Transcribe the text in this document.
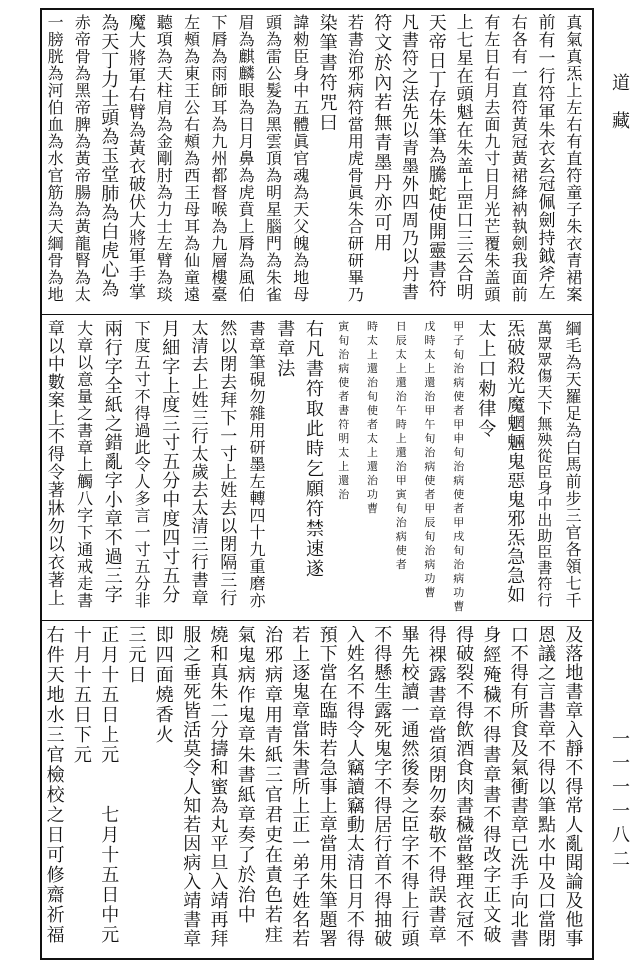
道
藏
一
一
一
一
八
二
真
氣
真
炁
上
左
右
有
直
符
童
子
朱
衣
青
裙
案
前
有
一
行
符
軍
朱
衣
玄
冠
佩
劍
持
鉞
斧
左
右
各
有
一
直
符
黃
冠
黃
裙
絳
衲
執
劍
我
面
前
有
左
日
右
月
去
面
九
寸
日
月
光
芒
覆
朱
盖
頭
上
七
星
在
頭
魁
在
朱
盖
上
罡
口
三
云
合
明
天
帝
日
丁
存
朱
筆
為
騰
蛇
使
開
靈
書
符
凡
書
符
之
法
先
以
青
墨
外
四
周
乃
以
丹
書
符
文
於
內
若
無
青
墨
丹
亦
可
用
若
書
治
邪
病
符
當
用
虎
骨
眞
朱
合
研
研
畢
乃
染
筆
書
符
咒
曰
諱
勑
臣
身
中
五
體
眞
官
魂
為
天
父
魄
為
地
母
頭
為
雷
公
髮
為
黑
雲
頂
為
明
星
腦
門
為
朱
雀
眉
為
麒
麟
眼
為
日
月
鼻
為
虎
賁
上
脣
為
風
伯
下
脣
為
雨
師
耳
為
九
州
都
督
喉
為
九
層
樓
臺
左
頰
為
東
王
公
右
頰
為
西
王
母
耳
為
仙
童
遠
聽
項
為
天
柱
肩
為
金
剛
肘
為
力
士
左
臂
為
琰
魔
大
將
軍
右
臂
為
黃
衣
破
伏
大
將
軍
手
掌
為
天
丁
力
士
頭
為
玉
堂
肺
為
白
虎
心
為
赤
帝
骨
為
黑
帝
脾
為
黃
帝
腸
為
黃
龍
腎
為
太
一
膀
胱
為
河
伯
血
為
水
官
筋
為
天
綱
骨
為
地
綱
毛
為
天
羅
足
為
白
馬
前
步
三
官
各
領
七
千
萬
眾
眾
傷
天
下
無
殃
從
臣
身
中
出
助
臣
書
符
行
炁
破
殺
光
魔
魍
魎
鬼
惡
鬼
邪
炁
急
急
如
太
上
口
勑
律
令
甲
子
旬
治
病
使
者
甲
申
旬
治
病
使
者
甲
戌
旬
治
病
功
曹
戊
時
太
上
還
治
甲
午
旬
治
病
使
者
甲
辰
旬
治
病
功
曹
日
辰
太
上
還
治
午
時
上
還
治
甲
寅
旬
治
病
使
者
時
太
上
還
治
旬
使
者
太
上
還
治
功
曹
寅
旬
治
病
使
者
書
符
明
太
上
還
治
右
凡
書
符
取
此
時
乞
願
符
禁
速
遂
書
章
法
書
章
筆
硯
勿
雜
用
研
墨
左
轉
四
十
九
重
磨
亦
然
以
閉
去
拜
下
一
寸
上
姓
去
以
閉
隔
三
行
太
清
去
上
姓
三
行
太
歲
去
太
清
三
行
書
章
月
細
字
上
度
三
寸
五
分
中
度
四
寸
五
分
下
度
五
寸
不
得
過
此
令
人
多
言
一
寸
五
分
非
兩
行
字
全
紙
之
錯
亂
字
小
章
不
過
三
字
大
章
以
意
量
之
書
章
上
觸
八
字
下
通
戒
走
書
章
以
中
數
案
上
不
得
令
著
牀
勿
以
衣
著
上
及
落
地
書
章
入
靜
不
得
常
人
亂
聞
論
及
他
事
恩
議
之
言
書
章
不
得
以
筆
點
水
中
及
口
當
閉
口
不
得
有
所
食
及
氣
衝
書
章
已
洗
手
向
北
書
身
經
殗
穢
不
得
書
章
書
不
得
改
字
正
文
破
得
破
裂
不
得
飲
酒
食
肉
書
穢
當
整
理
衣
冠
不
得
裸
露
書
章
當
須
閉
勿
泰
敬
不
得
誤
書
章
畢
先
校
讀
一
通
然
後
奏
之
臣
字
不
得
上
行
頭
不
得
懸
生
露
死
鬼
字
不
得
居
行
首
不
得
抽
破
入
姓
名
不
得
令
人
竊
讀
竊
動
太
清
日
月
不
得
預
下
當
在
臨
時
若
急
事
上
章
當
用
朱
筆
題
署
若
上
逐
鬼
章
當
朱
書
所
上
正
一
弟
子
姓
名
若
治
邪
病
章
用
青
紙
三
官
君
吏
在
責
色
若
疰
氣
鬼
病
作
鬼
章
朱
書
紙
章
奏
了
於
治
中
燒
和
真
朱
二
分
擣
和
蜜
為
丸
平
旦
入
靖
再
拜
服
之
垂
死
皆
活
莫
令
人
知
若
因
病
入
靖
書
章
即
四
面
燒
香
火
三
元
日
正
月
十
五
日
上
元

七
月
十
五
日
中
元
十
月
十
五
日
下
元
右
件
天
地
水
三
官
檢
校
之
日
可
修
齋
祈
福
